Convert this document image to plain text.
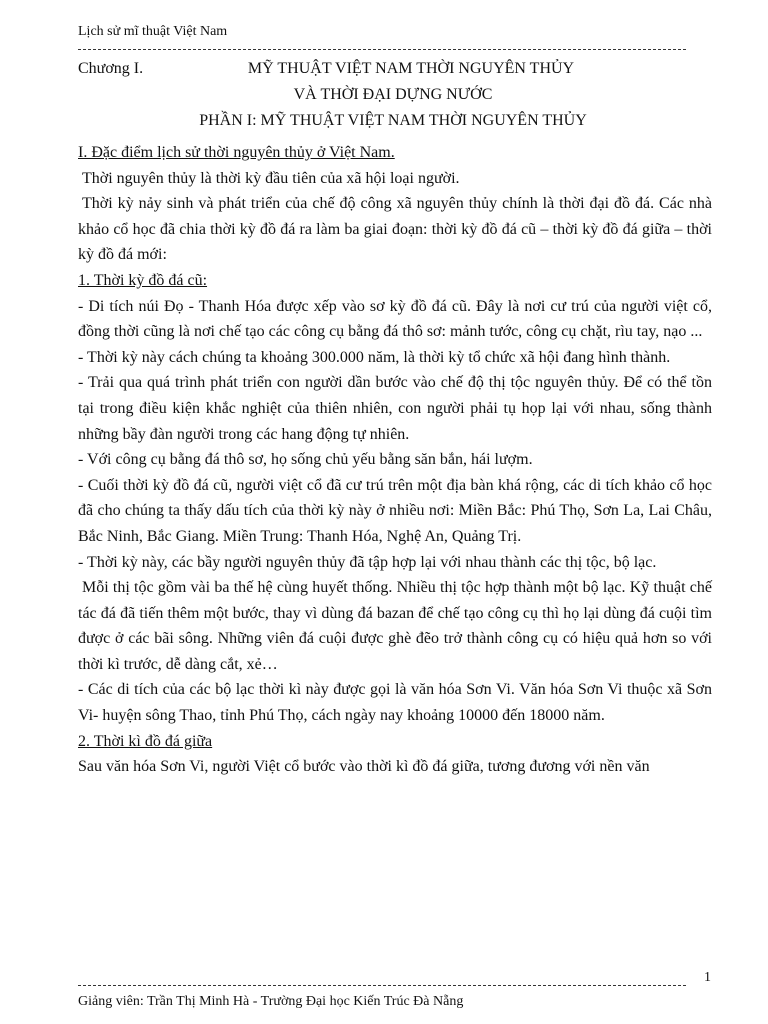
Lịch sử mĩ thuật Việt Nam
Chương I.	MỸ THUẬT VIỆT NAM THỜI NGUYÊN THỦY
VÀ THỜI ĐẠI DỰNG NƯỚC
PHẦN I: MỸ THUẬT VIỆT NAM THỜI NGUYÊN THỦY

I. Đặc điểm lịch sử thời nguyên thủy ở Việt Nam.

Thời nguyên thủy là thời kỳ đầu tiên của xã hội loại người.

Thời kỳ nảy sinh và phát triển của chế độ công xã nguyên thủy chính là thời đại đồ đá. Các nhà khảo cổ học đã chia thời kỳ đồ đá ra làm ba giai đoạn: thời kỳ đồ đá cũ – thời kỳ đồ đá giữa – thời kỳ đồ đá mới:

1. Thời kỳ đồ đá cũ:

- Di tích núi Đọ - Thanh Hóa được xếp vào sơ kỳ đồ đá cũ. Đây là nơi cư trú của người việt cổ, đồng thời cũng là nơi chế tạo các công cụ bằng đá thô sơ: mảnh tước, công cụ chặt, rìu tay, nạo ...

- Thời kỳ này cách chúng ta khoảng 300.000 năm, là thời kỳ tổ chức xã hội đang hình thành.

- Trải qua quá trình phát triển con người dần bước vào chế độ thị tộc nguyên thủy. Để có thể tồn tại trong điều kiện khắc nghiệt của thiên nhiên, con người phải tụ họp lại với nhau, sống thành những bầy đàn người trong các hang động tự nhiên.

- Với công cụ bằng đá thô sơ, họ sống chủ yếu bằng săn bắn, hái lượm.

- Cuối thời kỳ đồ đá cũ, người việt cổ đã cư trú trên một địa bàn khá rộng, các di tích khảo cổ học đã cho chúng ta thấy dấu tích của thời kỳ này ở nhiều nơi: Miền Bắc: Phú Thọ, Sơn La, Lai Châu, Bắc Ninh, Bắc Giang. Miền Trung: Thanh Hóa, Nghệ An, Quảng Trị.

- Thời kỳ này, các bầy người nguyên thủy đã tập hợp lại với nhau thành các thị tộc, bộ lạc.

Mỗi thị tộc gồm vài ba thế hệ cùng huyết thống. Nhiều thị tộc hợp thành một bộ lạc. Kỹ thuật chế tác đá đã tiến thêm một bước, thay vì dùng đá bazan để chế tạo công cụ thì họ lại dùng đá cuội tìm được ở các bãi sông. Những viên đá cuội được ghè đẽo trở thành công cụ có hiệu quả hơn so với thời kì trước, dễ dàng cắt, xẻ…

- Các di tích của các bộ lạc thời kì này được gọi là văn hóa Sơn Vi. Văn hóa Sơn Vi thuộc xã Sơn Vi- huyện sông Thao, tỉnh Phú Thọ, cách ngày nay khoảng 10000 đến 18000 năm.

2. Thời kì đồ đá giữa

Sau văn hóa Sơn Vi, người Việt cổ bước vào thời kì đồ đá giữa, tương đương với nền văn

1
Giảng viên: Trần Thị Minh Hà - Trường Đại học Kiến Trúc Đà Nẵng
